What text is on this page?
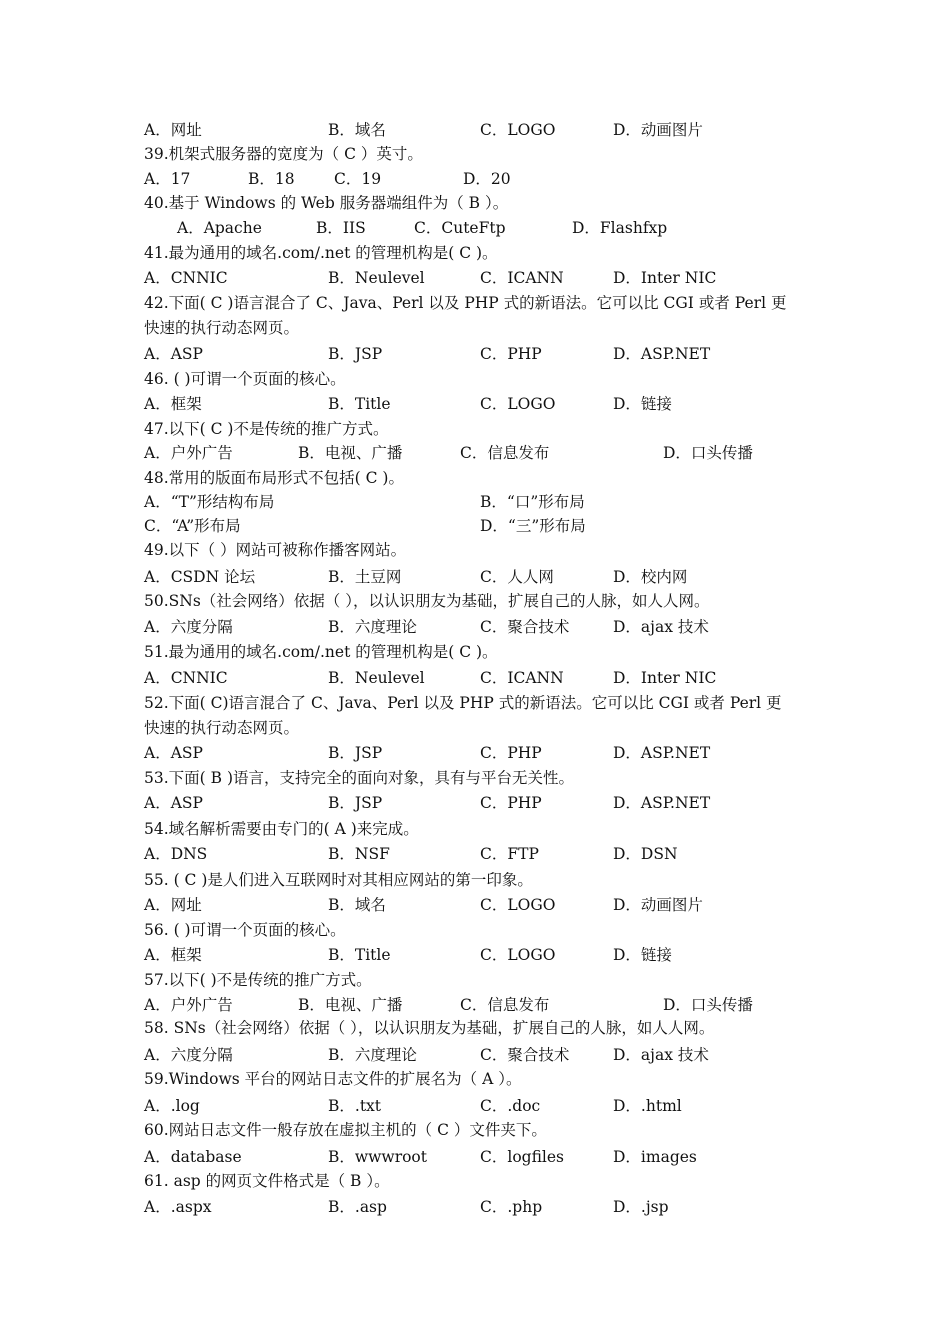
A．网址	B．域名	C．LOGO	D．动画图片
39.机架式服务器的宽度为（ C ）英寸。
A．17	B．18	C．19	D．20
40.基于 Windows 的 Web 服务器端组件为（ B ）。
A．Apache	B．IIS	C．CuteFtp	D．Flashfxp
41.最为通用的域名.com/.net 的管理机构是( C )。
A．CNNIC	B．Neulevel	C．ICANN	D．Inter NIC
42.下面( C )语言混合了 C、Java、Perl 以及 PHP 式的新语法。它可以比 CGI 或者 Perl 更
快速的执行动态网页。
A．ASP	B．JSP	C．PHP	D．ASP.NET
46. ( )可谓一个页面的核心。
A．框架	B．Title	C．LOGO	D．链接
47.以下( C )不是传统的推广方式。
A．户外广告	B．电视、广播	C．信息发布	D．口头传播
48.常用的版面布局形式不包括( C )。
A．“T”形结构布局	B．“口”形布局
C．“A”形布局	D．“三”形布局
49.以下（ ）网站可被称作播客网站。
A．CSDN 论坛	B．土豆网	C．人人网	D．校内网
50.SNs（社会网络）依据（ ），以认识朋友为基础，扩展自己的人脉，如人人网。
A．六度分隔	B．六度理论	C．聚合技术	D．ajax 技术
51.最为通用的域名.com/.net 的管理机构是( C )。
A．CNNIC	B．Neulevel	C．ICANN	D．Inter NIC
52.下面( C)语言混合了 C、Java、Perl 以及 PHP 式的新语法。它可以比 CGI 或者 Perl 更
快速的执行动态网页。
A．ASP	B．JSP	C．PHP	D．ASP.NET
53.下面( B )语言，支持完全的面向对象，具有与平台无关性。
A．ASP	B．JSP	C．PHP	D．ASP.NET
54.域名解析需要由专门的( A )来完成。
A．DNS	B．NSF	C．FTP	D．DSN
55. ( C )是人们进入互联网时对其相应网站的第一印象。
A．网址	B．域名	C．LOGO	D．动画图片
56. ( )可谓一个页面的核心。
A．框架	B．Title	C．LOGO	D．链接
57.以下( )不是传统的推广方式。
A．户外广告	B．电视、广播	C．信息发布	D．口头传播
58. SNs（社会网络）依据（ ），以认识朋友为基础，扩展自己的人脉，如人人网。
A．六度分隔	B．六度理论	C．聚合技术	D．ajax 技术
59.Windows 平台的网站日志文件的扩展名为（ A ）。
A．.log	B．.txt	C．.doc	D．.html
60.网站日志文件一般存放在虚拟主机的（ C ）文件夹下。
A．database	B．wwwroot	C．logfiles	D．images
61. asp 的网页文件格式是（ B ）。
A．.aspx	B．.asp	C．.php	D．.jsp
